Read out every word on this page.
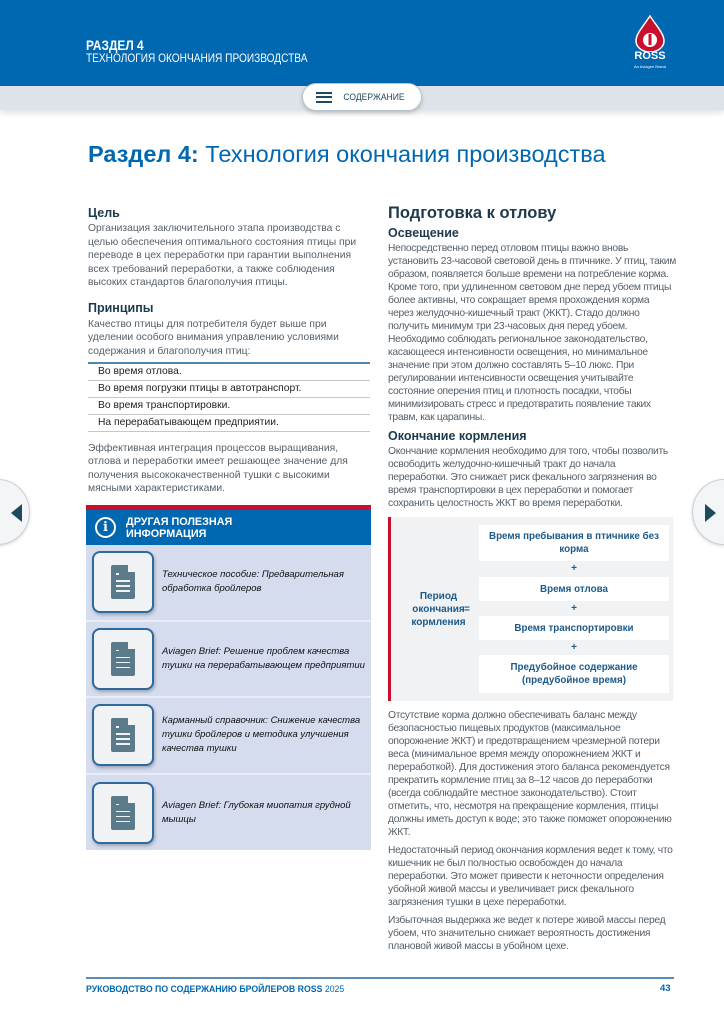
РАЗДЕЛ 4
ТЕХНОЛОГИЯ ОКОНЧАНИЯ ПРОИЗВОДСТВА	ROSS
An Aviagen Brand
СОДЕРЖАНИЕ
Раздел 4: Технология окончания производства
Цель
Организация заключительного этапа производства с целью обеспечения оптимального состояния птицы при переводе в цех переработки при гарантии выполнения всех требований переработки, а также соблюдения высоких стандартов благополучия птицы.
Принципы
Качество птицы для потребителя будет выше при уделении особого внимания управлению условиями содержания и благополучия птиц:
Во время отлова.
Во время погрузки птицы в автотранспорт.
Во время транспортировки.
На перерабатывающем предприятии.
Эффективная интеграция процессов выращивания, отлова и переработки имеет решающее значение для получения высококачественной тушки с высокими мясными характеристиками.
i	ДРУГАЯ ПОЛЕЗНАЯ ИНФОРМАЦИЯ
Техническое пособие: Предварительная обработка бройлеров
Aviagen Brief: Решение проблем качества тушки на перерабатывающем предприятии
Карманный справочник: Снижение качества тушки бройлеров и методика улучшения качества тушки
Aviagen Brief: Глубокая миопатия грудной мышцы
Подготовка к отлову
Освещение
Непосредственно перед отловом птицы важно вновь установить 23-часовой световой день в птичнике. У птиц, таким образом, появляется больше времени на потребление корма. Кроме того, при удлиненном световом дне перед убоем птицы более активны, что сокращает время прохождения корма через желудочно-кишечный тракт (ЖКТ). Стадо должно получить минимум три 23-часовых дня перед убоем. Необходимо соблюдать региональное законодательство, касающееся интенсивности освещения, но минимальное значение при этом должно составлять 5–10 люкс. При регулировании интенсивности освещения учитывайте состояние оперения птиц и плотность посадки, чтобы минимизировать стресс и предотвратить появление таких травм, как царапины.
Окончание кормления
Окончание кормления необходимо для того, чтобы позволить освободить желудочно-кишечный тракт до начала переработки. Это снижает риск фекального загрязнения во время транспортировки в цех переработки и помогает сохранить целостность ЖКТ во время переработки.
Период окончания кормления
=
Время пребывания в птичнике без корма
+
Время отлова
+
Время транспортировки
+
Предубойное содержание (предубойное время)

Отсутствие корма должно обеспечивать баланс между безопасностью пищевых продуктов (максимальное опорожнение ЖКТ) и предотвращением чрезмерной потери веса (минимальное время между опорожнением ЖКТ и переработкой). Для достижения этого баланса рекомендуется прекратить кормление птиц за 8–12 часов до переработки (всегда соблюдайте местное законодательство). Стоит отметить, что, несмотря на прекращение кормления, птицы должны иметь доступ к воде; это также поможет опорожнению ЖКТ.

Недостаточный период окончания кормления ведет к тому, что кишечник не был полностью освобожден до начала переработки. Это может привести к неточности определения убойной живой массы и увеличивает риск фекального загрязнения тушки в цехе переработки.

Избыточная выдержка же ведет к потере живой массы перед убоем, что значительно снижает вероятность достижения плановой живой массы в убойном цехе.

РУКОВОДСТВО ПО СОДЕРЖАНИЮ БРОЙЛЕРОВ ROSS 2025	43
